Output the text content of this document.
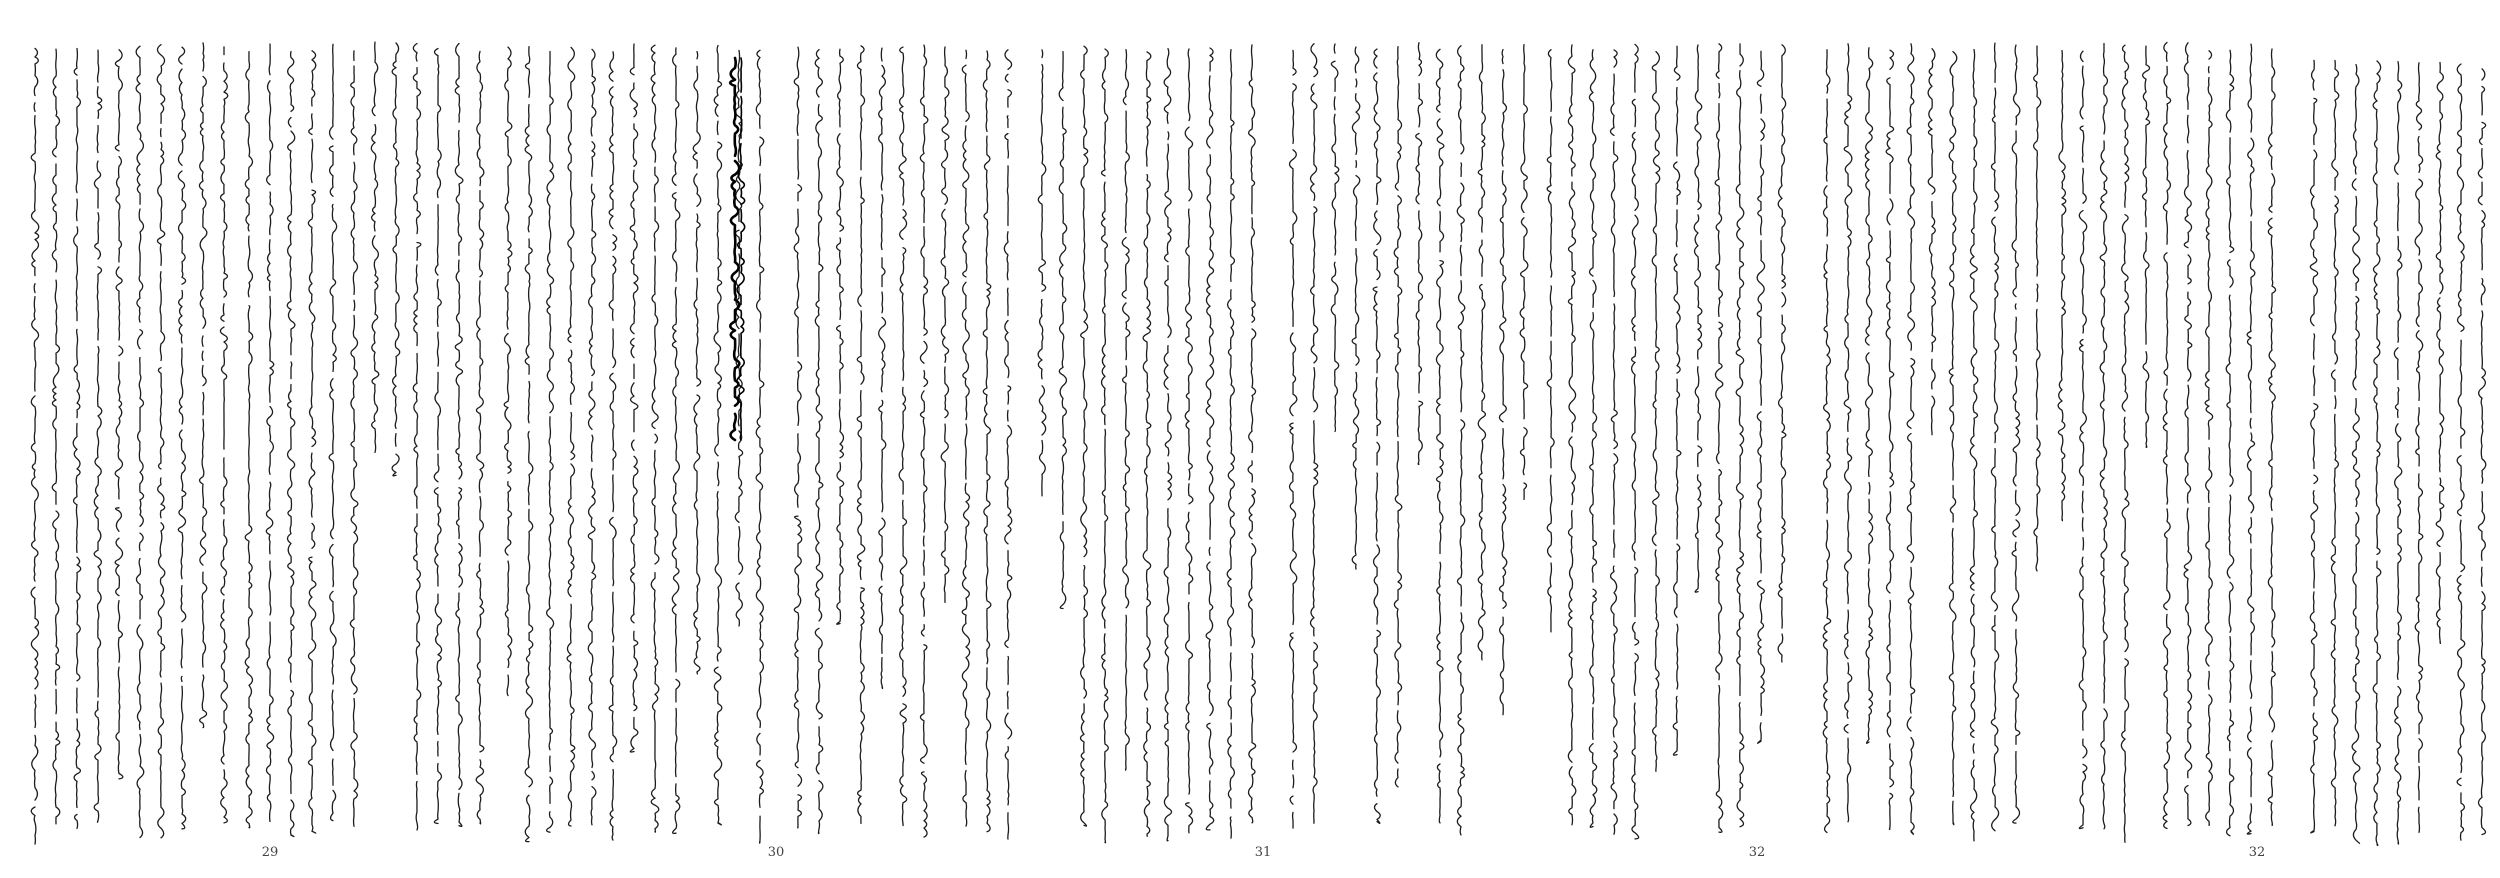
29	30	31	32	32
